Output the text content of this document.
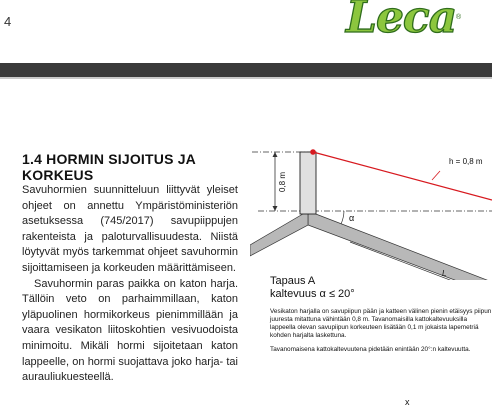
4	Leca ®
1.4 HORMIN SIJOITUS JA KORKEUS

Savuhormien suunnitteluun liittyvät yleiset ohjeet on annettu Ympäristöministeriön asetuksessa (745/2017) savupiippujen rakenteista ja paloturvallisuudesta. Niistä löytyvät myös tarkemmat ohjeet savuhormin sijoittamiseen ja korkeuden määrittämiseen.

Savuhormin paras paikka on katon harja. Tällöin veto on parhaimmillaan, katon yläpuolinen hormikorkeus pienimmillään ja vaara vesikaton liitoskohtien vesivuodoista minimoitu. Mikäli hormi sijoitetaan katon lappeelle, on hormi suojattava joko harja- tai aurauliukuesteellä.

0,8 m
h = 0,8 m
α
L
Tapaus A
kaltevuus α ≤ 20°

Vesikaton harjalla on savupiipun pään ja katteen välinen pienin etäisyys piipun juuresta mitattuna vähintään 0,8 m. Tavanomaisilla kattokaltevuuksilla lappeella olevan savupiipun korkeuteen lisätään 0,1 m jokaista lapemetriä kohden harjalta laskettuna.

Tavanomaisena kattokaltevuutena pidetään enintään 20°:n kaltevuutta.

x
